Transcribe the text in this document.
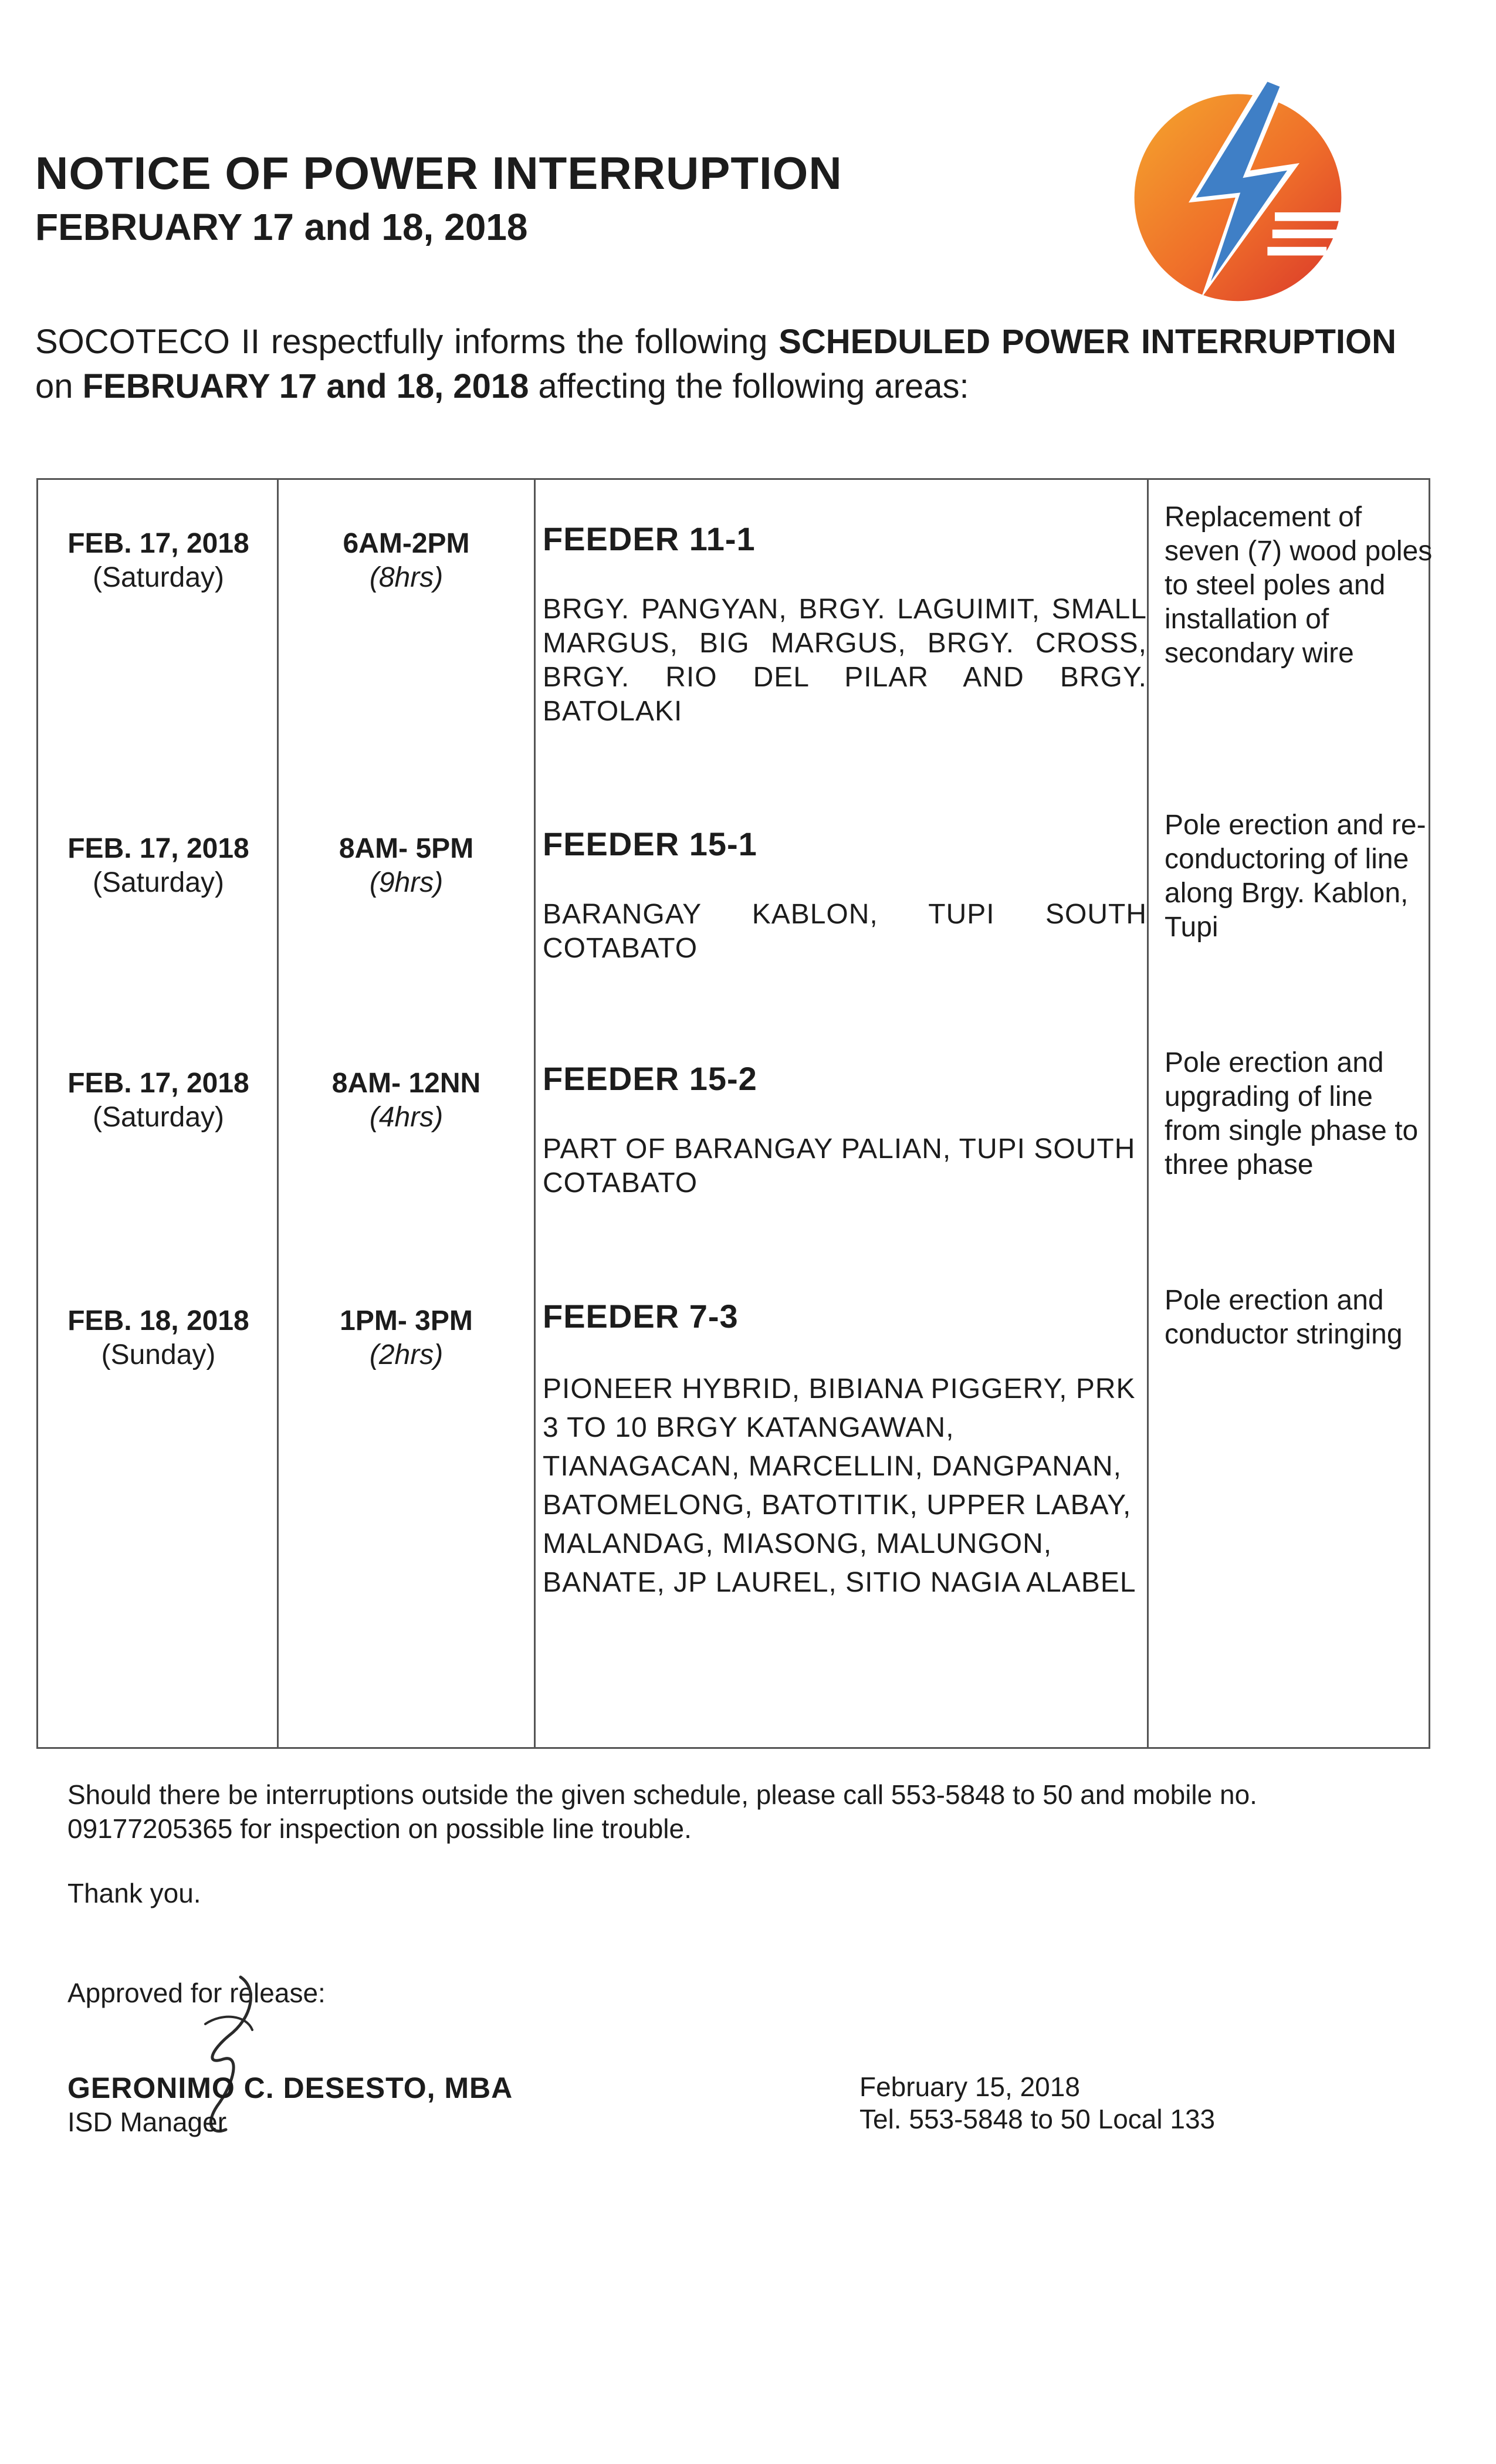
NOTICE OF POWER INTERRUPTION
FEBRUARY 17 and 18, 2018
SOCOTECO II respectfully informs the following SCHEDULED POWER INTERRUPTION on FEBRUARY 17 and 18, 2018 affecting the following areas:
FEB. 17, 2018
(Saturday)
6AM-2PM
(8hrs)
FEEDER 11-1
BRGY. PANGYAN, BRGY. LAGUIMIT, SMALL MARGUS, BIG MARGUS, BRGY. CROSS, BRGY. RIO DEL PILAR AND BRGY. BATOLAKI
Replacement of seven (7) wood poles to steel poles and installation of secondary wire
FEB. 17, 2018
(Saturday)
8AM- 5PM
(9hrs)
FEEDER 15-1
BARANGAY KABLON, TUPI SOUTH COTABATO
Pole erection and re-conductoring of line along Brgy. Kablon, Tupi
FEB. 17, 2018
(Saturday)
8AM- 12NN
(4hrs)
FEEDER 15-2
PART OF BARANGAY PALIAN, TUPI SOUTH COTABATO
Pole erection and upgrading of line from single phase to three phase
FEB. 18, 2018
(Sunday)
1PM- 3PM
(2hrs)
FEEDER 7-3
PIONEER HYBRID, BIBIANA PIGGERY, PRK 3 TO 10 BRGY KATANGAWAN, TIANAGACAN, MARCELLIN, DANGPANAN, BATOMELONG, BATOTITIK, UPPER LABAY, MALANDAG, MIASONG, MALUNGON, BANATE, JP LAUREL, SITIO NAGIA ALABEL
Pole erection and conductor stringing
Should there be interruptions outside the given schedule, please call 553-5848 to 50 and mobile no. 09177205365 for inspection on possible line trouble.
Thank you.
Approved for release:
GERONIMO C. DESESTO, MBA
ISD Manager
February 15, 2018
Tel. 553-5848 to 50 Local 133
